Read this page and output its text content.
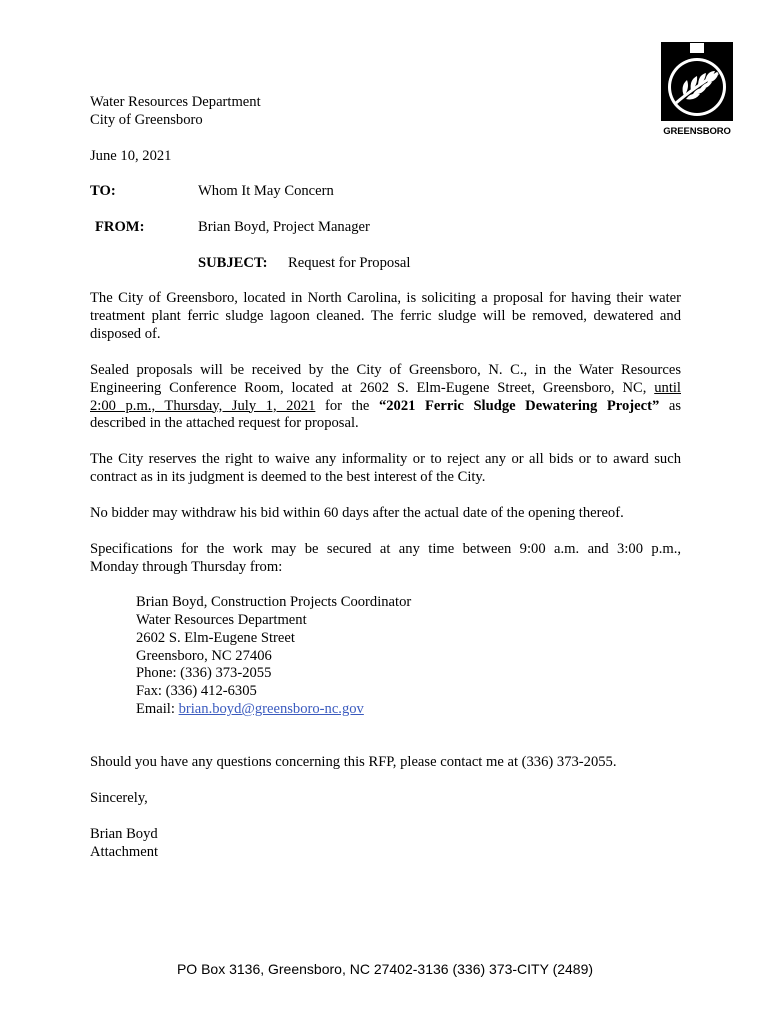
GREENSBORO
Water Resources Department
City of Greensboro
June 10, 2021
TO:	Whom It May Concern
FROM:	Brian Boyd, Project Manager
SUBJECT: Request for Proposal
The City of Greensboro, located in North Carolina, is soliciting a proposal for having their water
treatment plant ferric sludge lagoon cleaned. The ferric sludge will be removed, dewatered and
disposed of.
Sealed proposals will be received by the City of Greensboro, N. C., in the Water Resources
Engineering Conference Room, located at 2602 S. Elm-Eugene Street, Greensboro, NC, until
2:00 p.m., Thursday, July 1, 2021 for the “2021 Ferric Sludge Dewatering Project” as
described in the attached request for proposal.
The City reserves the right to waive any informality or to reject any or all bids or to award such
contract as in its judgment is deemed to the best interest of the City.
No bidder may withdraw his bid within 60 days after the actual date of the opening thereof.
Specifications for the work may be secured at any time between 9:00 a.m. and 3:00 p.m.,
Monday through Thursday from:
Brian Boyd, Construction Projects Coordinator
Water Resources Department
2602 S. Elm-Eugene Street
Greensboro, NC 27406
Phone: (336) 373-2055
Fax: (336) 412-6305
Email: brian.boyd@greensboro-nc.gov
Should you have any questions concerning this RFP, please contact me at (336) 373-2055.
Sincerely,
Brian Boyd
Attachment
PO Box 3136, Greensboro, NC 27402-3136 (336) 373-CITY (2489)
